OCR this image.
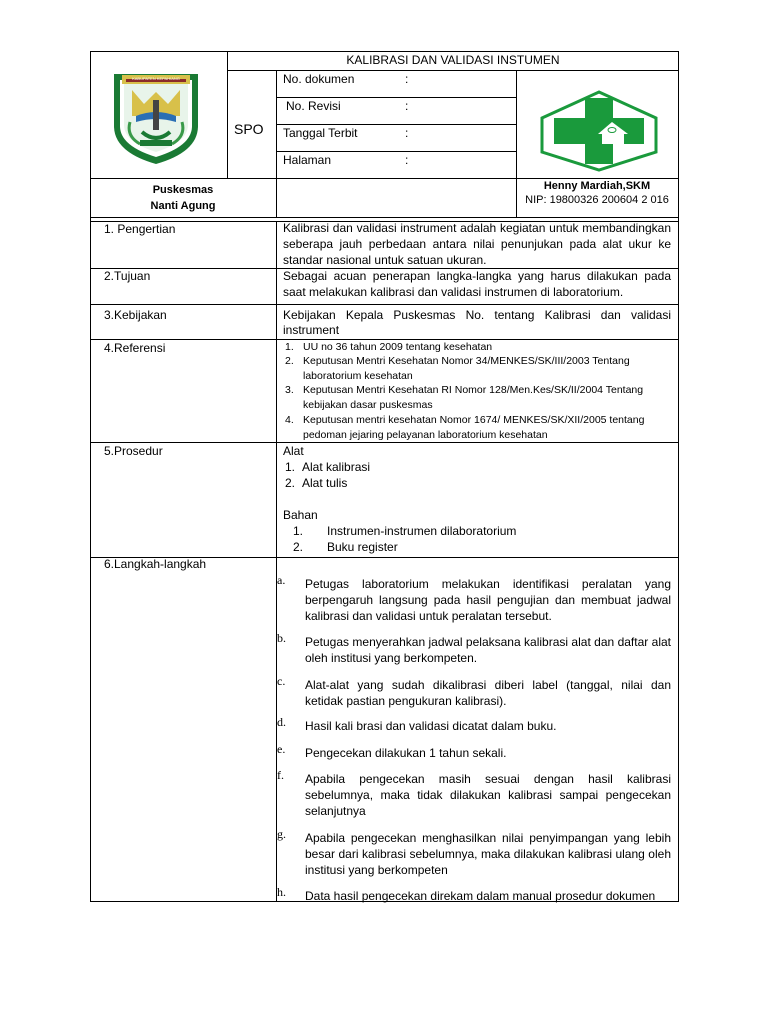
KABUPATEN KEPAHIANG
KALIBRASI DAN VALIDASI INSTUMEN
SPO
No. dokumen	:
No. Revisi	:
Tanggal Terbit	:
Halaman	:
Puskesmas
Nanti Agung
Henny Mardiah,SKM
NIP: 19800326 200604 2 016
1. Pengertian	Kalibrasi dan validasi instrument adalah kegiatan untuk membandingkan seberapa jauh perbedaan antara nilai penunjukan pada alat ukur ke standar nasional untuk satuan ukuran.
2.Tujuan	Sebagai acuan penerapan langka-langka yang harus dilakukan pada saat melakukan kalibrasi dan validasi instrumen di laboratorium.
3.Kebijakan	Kebijakan Kepala Puskesmas No. tentang Kalibrasi dan validasi
instrument
4.Referensi	1. UU no 36 tahun 2009 tentang kesehatan
2. Keputusan Mentri Kesehatan Nomor 34/MENKES/SK/III/2003 Tentang laboratorium kesehatan
3. Keputusan Mentri Kesehatan RI Nomor 128/Men.Kes/SK/II/2004 Tentang kebijakan dasar puskesmas
4. Keputusan mentri kesehatan Nomor 1674/ MENKES/SK/XII/2005 tentang pedoman jejaring pelayanan laboratorium kesehatan
5.Prosedur	Alat
1. Alat kalibrasi
2. Alat tulis
Bahan
1. Instrumen-instrumen dilaboratorium
2. Buku register
6.Langkah-langkah
a. Petugas laboratorium melakukan identifikasi peralatan yang berpengaruh langsung pada hasil pengujian dan membuat jadwal kalibrasi dan validasi untuk peralatan tersebut.
b. Petugas menyerahkan jadwal pelaksana kalibrasi alat dan daftar alat oleh institusi yang berkompeten.
c. Alat-alat yang sudah dikalibrasi diberi label (tanggal, nilai dan ketidak pastian pengukuran kalibrasi).
d. Hasil kali brasi dan validasi dicatat dalam buku.
e. Pengecekan dilakukan 1 tahun sekali.
f. Apabila pengecekan masih sesuai dengan hasil kalibrasi sebelumnya, maka tidak dilakukan kalibrasi sampai pengecekan selanjutnya
g. Apabila pengecekan menghasilkan nilai penyimpangan yang lebih besar dari kalibrasi sebelumnya, maka dilakukan kalibrasi ulang oleh institusi yang berkompeten
h. Data hasil pengecekan direkam dalam manual prosedur dokumen
